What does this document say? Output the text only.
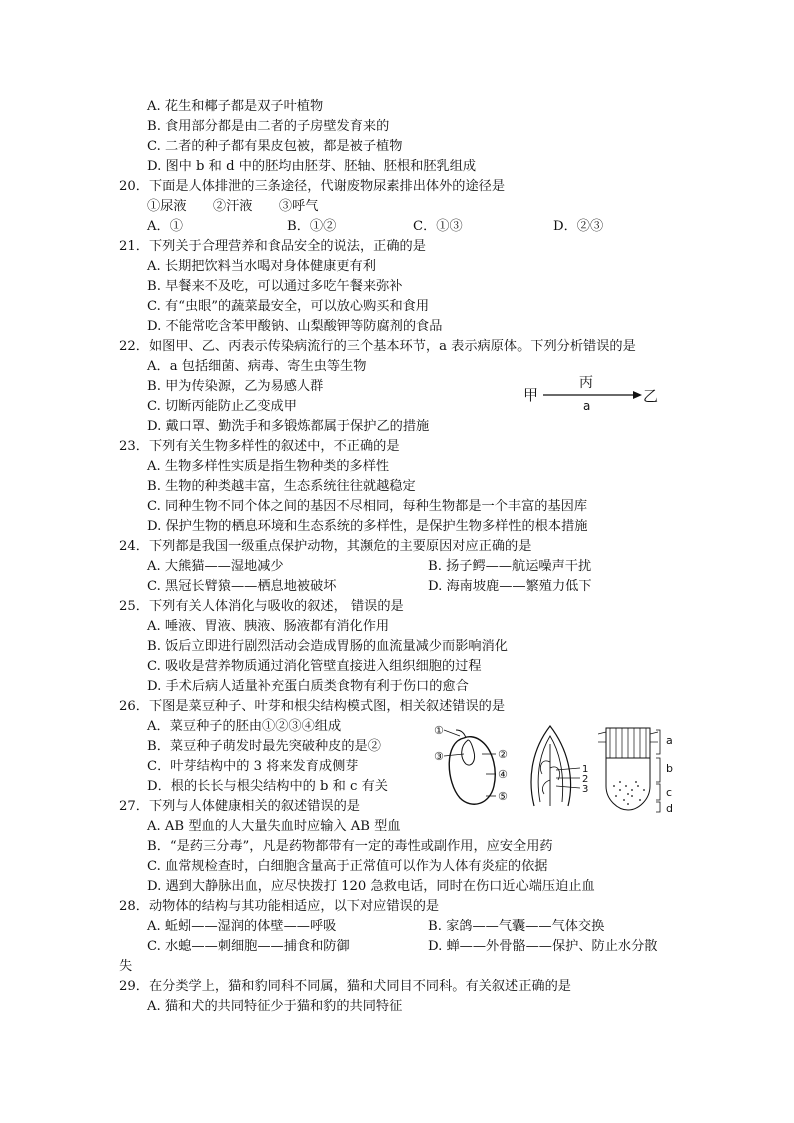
A. 花生和椰子都是双子叶植物
B. 食用部分都是由二者的子房壁发育来的
C. 二者的种子都有果皮包被，都是被子植物
D. 图中 b 和 d 中的胚均由胚芽、胚轴、胚根和胚乳组成
20．下面是人体排泄的三条途径，代谢废物尿素排出体外的途径是
①尿液　　②汗液　　③呼气
A．①	B．①②	C．①③	D．②③
21．下列关于合理营养和食品安全的说法，正确的是
A. 长期把饮料当水喝对身体健康更有利
B. 早餐来不及吃，可以通过多吃午餐来弥补
C. 有“虫眼”的蔬菜最安全，可以放心购买和食用
D. 不能常吃含苯甲酸钠、山梨酸钾等防腐剂的食品
22．如图甲、乙、丙表示传染病流行的三个基本环节，a 表示病原体。下列分析错误的是
A．a 包括细菌、病毒、寄生虫等生物
B. 甲为传染源，乙为易感人群
C. 切断丙能防止乙变成甲
D. 戴口罩、勤洗手和多锻炼都属于保护乙的措施
甲
丙
a
乙
23．下列有关生物多样性的叙述中，不正确的是
A. 生物多样性实质是指生物种类的多样性
B. 生物的种类越丰富，生态系统往往就越稳定
C. 同种生物不同个体之间的基因不尽相同，每种生物都是一个丰富的基因库
D. 保护生物的栖息环境和生态系统的多样性，是保护生物多样性的根本措施
24．下列都是我国一级重点保护动物，其濒危的主要原因对应正确的是
A. 大熊猫——湿地减少	B. 扬子鳄——航运噪声干扰
C. 黑冠长臂猿——栖息地被破坏	D. 海南坡鹿——繁殖力低下
25．下列有关人体消化与吸收的叙述， 错误的是
A. 唾液、胃液、胰液、肠液都有消化作用
B. 饭后立即进行剧烈活动会造成胃肠的血流量减少而影响消化
C. 吸收是营养物质通过消化管壁直接进入组织细胞的过程
D. 手术后病人适量补充蛋白质类食物有利于伤口的愈合
26．下图是菜豆种子、叶芽和根尖结构模式图，相关叙述错误的是
A．菜豆种子的胚由①②③④组成
B．菜豆种子萌发时最先突破种皮的是②
C．叶芽结构中的 3 将来发育成侧芽
D．根的长长与根尖结构中的 b 和 c 有关
①
②
③
④
⑤
1
2
3
a
b
c
d
27．下列与人体健康相关的叙述错误的是
A. AB 型血的人大量失血时应输入 AB 型血
B．“是药三分毒”，凡是药物都带有一定的毒性或副作用，应安全用药
C. 血常规检查时，白细胞含量高于正常值可以作为人体有炎症的依据
D. 遇到大静脉出血，应尽快拨打 120 急救电话，同时在伤口近心端压迫止血
28．动物体的结构与其功能相适应，以下对应错误的是
A. 蚯蚓——湿润的体壁——呼吸	B. 家鸽——气囊——气体交换
C. 水螅——刺细胞——捕食和防御	D. 蝉——外骨骼——保护、防止水分散
失
29．在分类学上，猫和豹同科不同属，猫和犬同目不同科。有关叙述正确的是
A. 猫和犬的共同特征少于猫和豹的共同特征
